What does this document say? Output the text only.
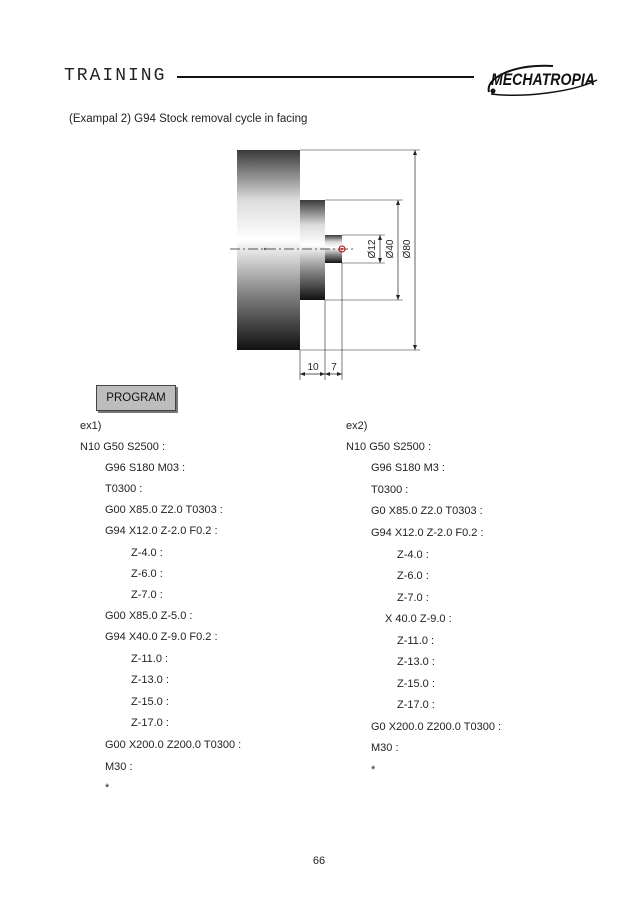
TRAINING	MECHATROPIA
(Exampal 2) G94 Stock removal cycle in facing
Ø12 Ø40 Ø80
10 7
PROGRAM
ex1)
N10 G50 S2500 :
G96 S180 M03 :
T0300 :
G00 X85.0 Z2.0 T0303 :
G94 X12.0 Z-2.0 F0.2 :
Z-4.0 :
Z-6.0 :
Z-7.0 :
G00 X85.0 Z-5.0 :
G94 X40.0 Z-9.0 F0.2 :
Z-11.0 :
Z-13.0 :
Z-15.0 :
Z-17.0 :
G00 X200.0 Z200.0 T0300 :
M30 :
*
ex2)
N10 G50 S2500 :
G96 S180 M3 :
T0300 :
G0 X85.0 Z2.0 T0303 :
G94 X12.0 Z-2.0 F0.2 :
Z-4.0 :
Z-6.0 :
Z-7.0 :
X 40.0 Z-9.0 :
Z-11.0 :
Z-13.0 :
Z-15.0 :
Z-17.0 :
G0 X200.0 Z200.0 T0300 :
M30 :
*
66
